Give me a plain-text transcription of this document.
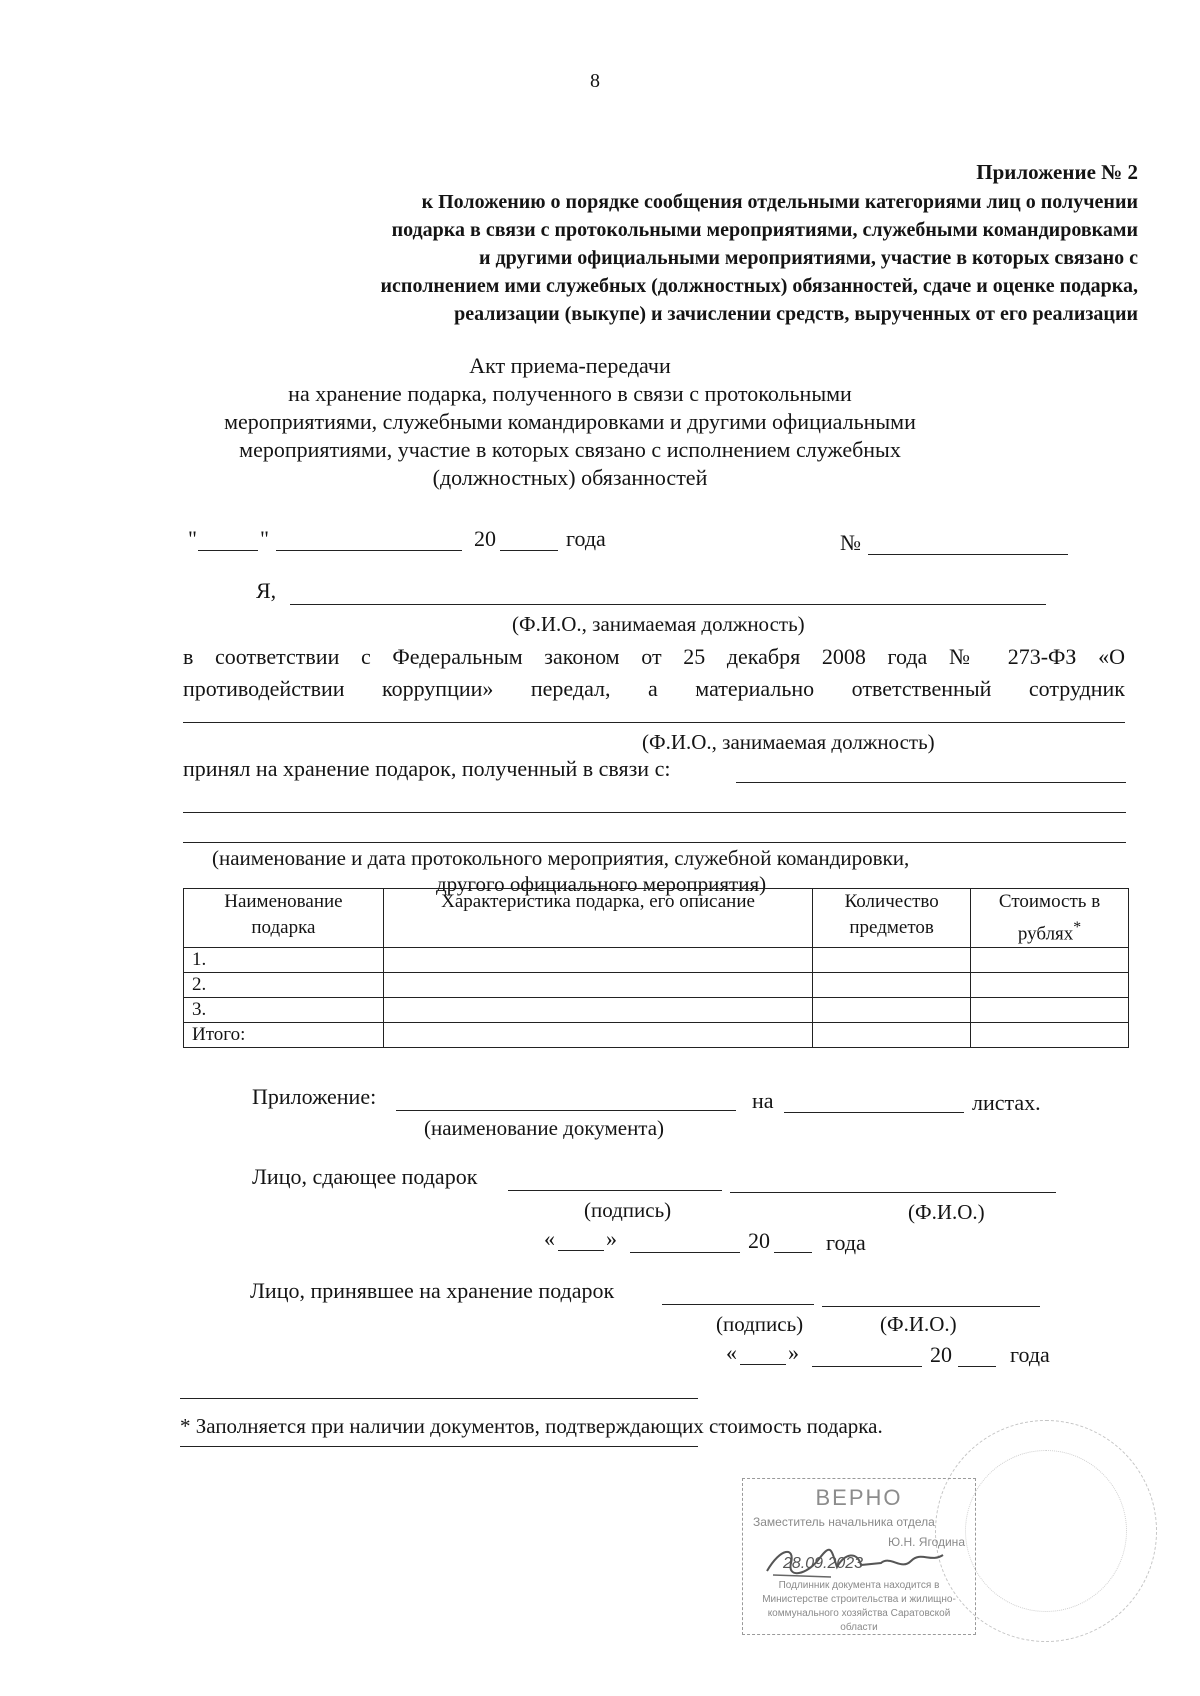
8
Приложение № 2
к Положению о порядке сообщения отдельными категориями лиц о получении
подарка в связи с протокольными мероприятиями, служебными командировками
и другими официальными мероприятиями, участие в которых связано с
исполнением ими служебных (должностных) обязанностей, сдаче и оценке подарка,
реализации (выкупе) и зачислении средств, вырученных от его реализации
Акт приема-передачи
на хранение подарка, полученного в связи с протокольными
мероприятиями, служебными командировками и другими официальными
мероприятиями, участие в которых связано с исполнением служебных
(должностных) обязанностей
"	"	20	года	№
Я,
(Ф.И.О., занимаемая должность)
в соответствии с Федеральным законом от 25 декабря 2008 года № 273-ФЗ «О
противодействии коррупции» передал, а материально ответственный сотрудник
(Ф.И.О., занимаемая должность)
принял на хранение подарок, полученный в связи с:
(наименование и дата протокольного мероприятия, служебной командировки,
другого официального мероприятия)
Наименование подарка	Характеристика подарка, его описание	Количество предметов	Стоимость в рублях*
1.			
2.			
3.			
Итого:			
Приложение:	на	листах.
(наименование документа)
Лицо, сдающее подарок
(подпись)	(Ф.И.О.)
« »	20	года
Лицо, принявшее на хранение подарок
(подпись)	(Ф.И.О.)
« »	20	года
* Заполняется при наличии документов, подтверждающих стоимость подарка.
ВЕРНО
Заместитель начальника отдела
Ю.Н. Ягодина
28.09.2023
Подлинник документа находится в Министерстве строительства и жилищно-коммунального хозяйства Саратовской области
